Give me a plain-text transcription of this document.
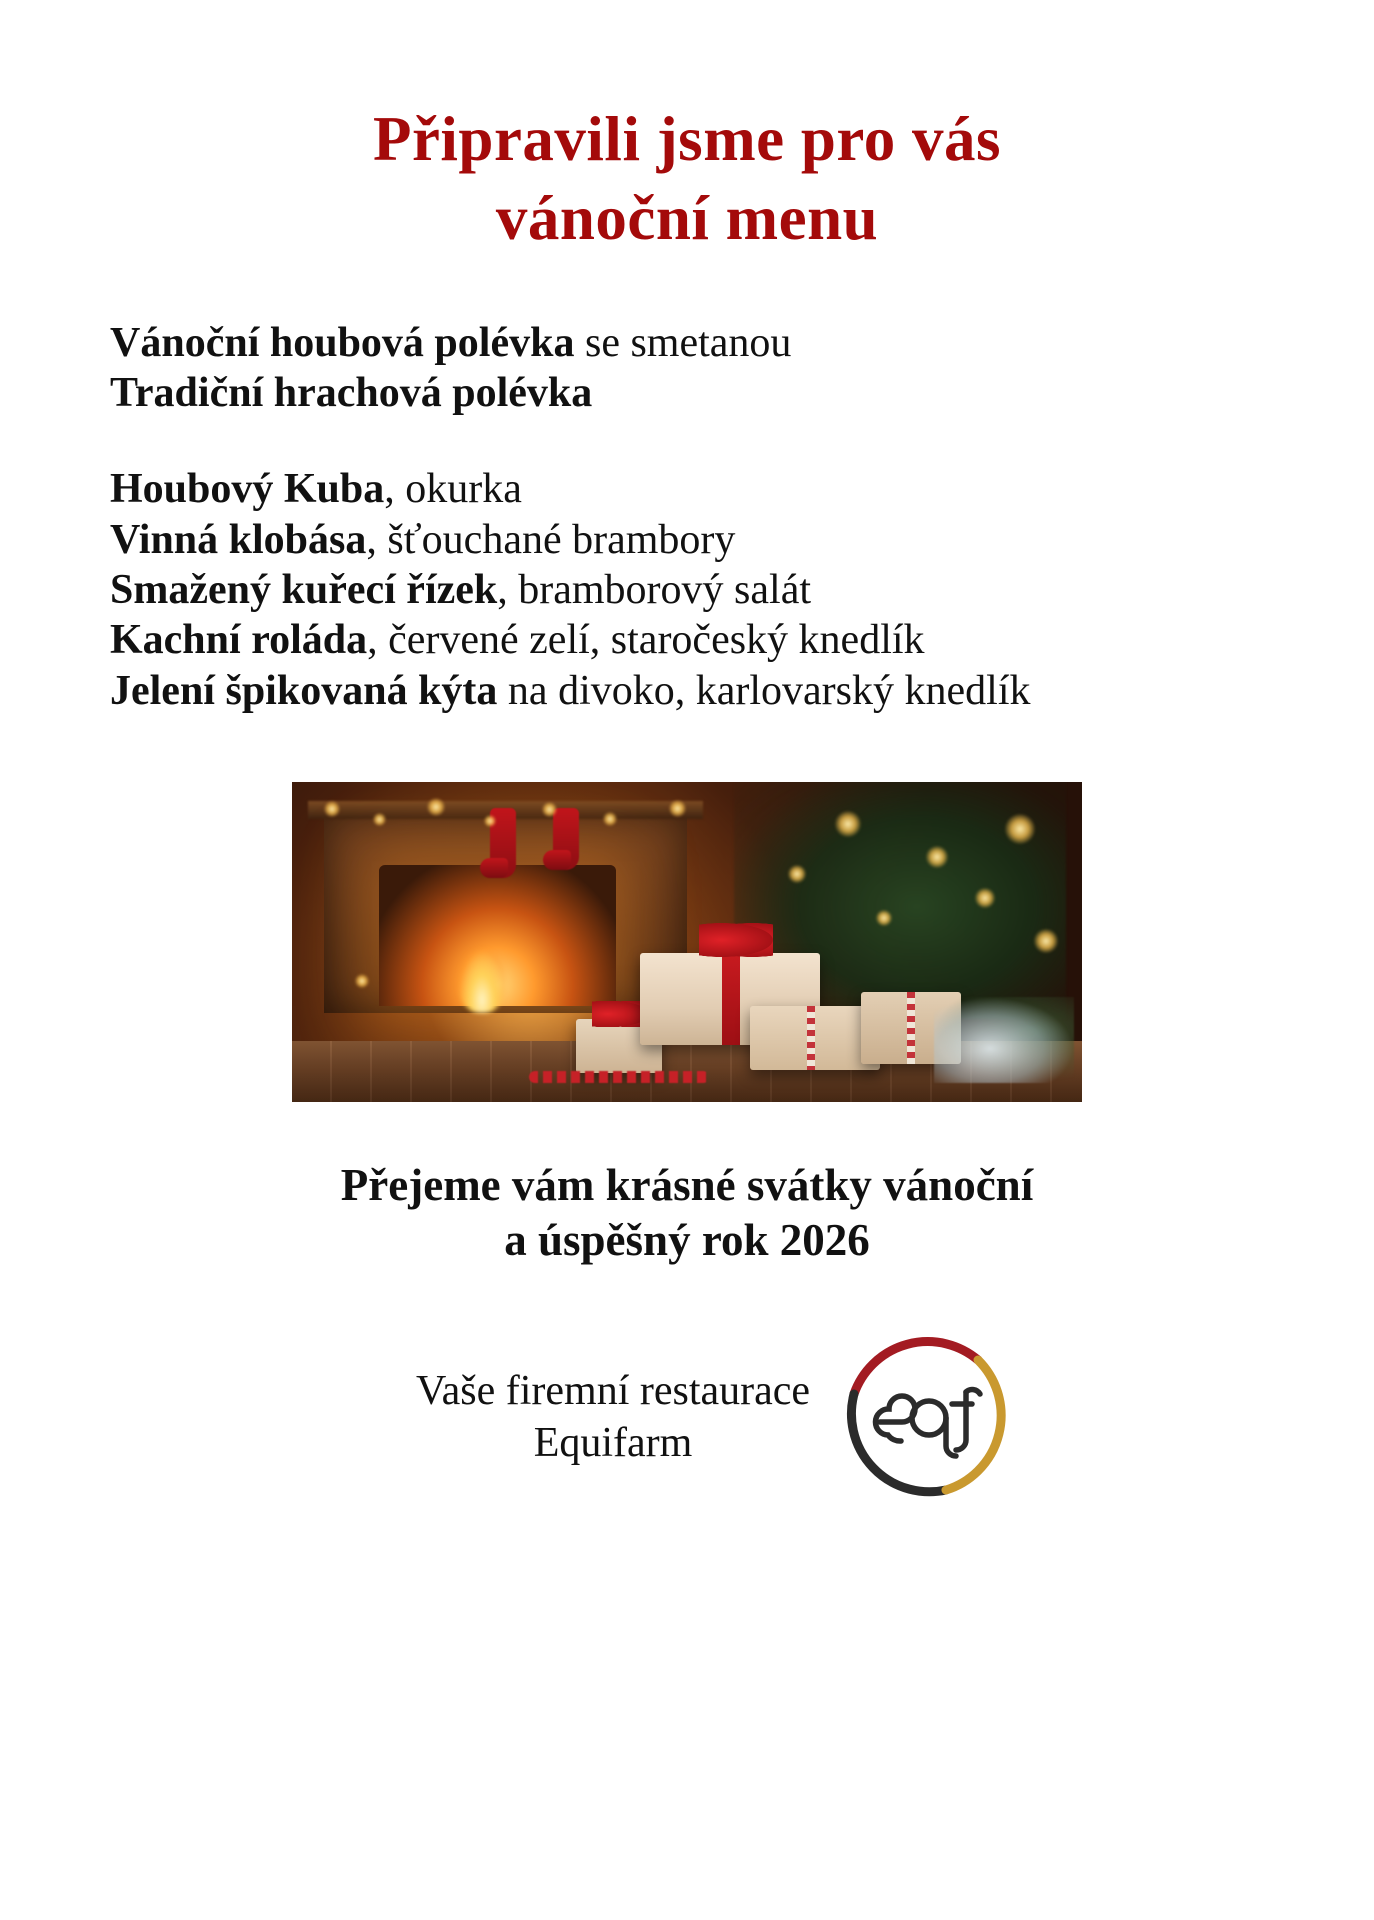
Připravili jsme pro vás
vánoční menu
Vánoční houbová polévka se smetanou
Tradiční hrachová polévka
Houbový Kuba, okurka
Vinná klobása, šťouchané brambory
Smažený kuřecí řízek, bramborový salát
Kachní roláda, červené zelí, staročeský knedlík
Jelení špikovaná kýta na divoko, karlovarský knedlík
Přejeme vám krásné svátky vánoční
a úspěšný rok 2026
Vaše firemní restaurace
Equifarm
